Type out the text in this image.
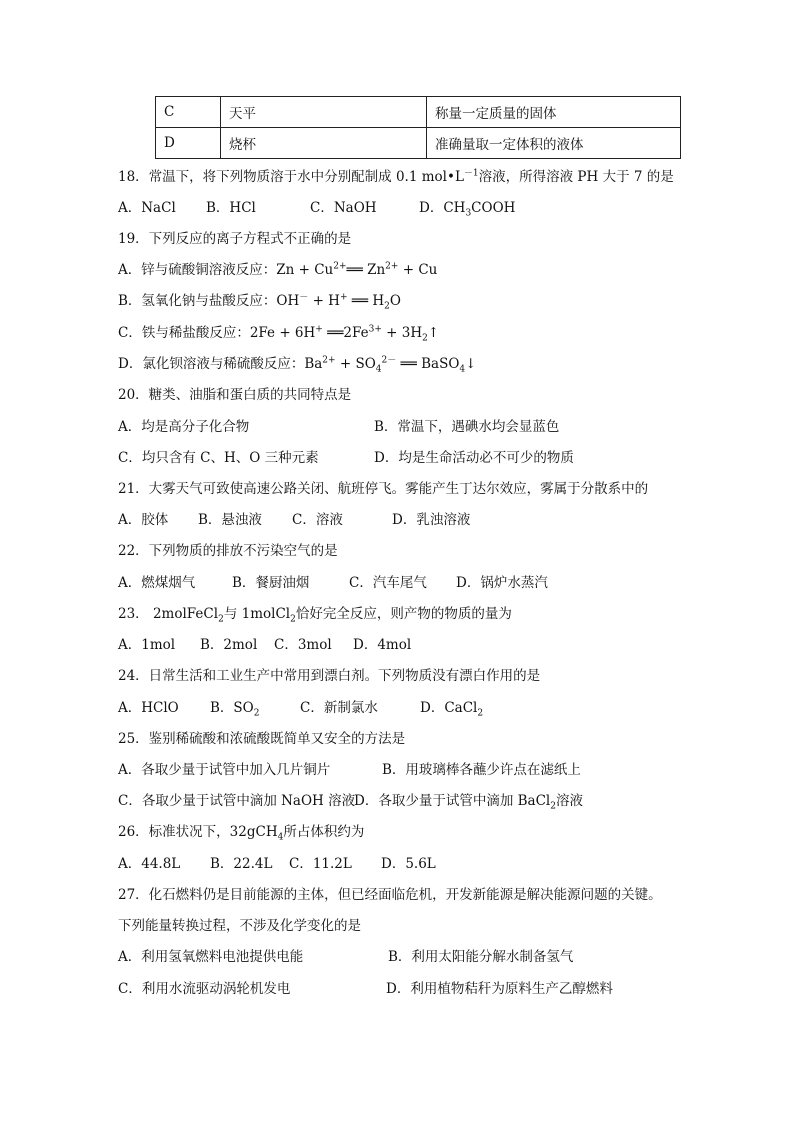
C	天平	称量一定质量的固体
D	烧杯	准确量取一定体积的液体
18．常温下，将下列物质溶于水中分别配制成 0.1 $mol•L^{-1}$溶液，所得溶液 PH 大于 7 的是
A．NaCl B．HCl	C．NaOH	D．$CH_3COOH$
19．下列反应的离子方程式不正确的是
A．锌与硫酸铜溶液反应：$Zn + Cu^{2+}══$ $Zn^{2+} + Cu$
B．氢氧化钠与盐酸反应：OH－ + H+ ══ $H_2O$
C．铁与稀盐酸反应：2Fe + 6H+ $══2Fe^{3+}$ + $3H_2↑$
D．氯化钡溶液与稀硫酸反应：$Ba^{2+} + SO_4^{2-}$ ══ BaSO$_4$↓
20．糖类、油脂和蛋白质的共同特点是
A．均是高分子化合物	B．常温下，遇碘水均会显蓝色
C．均只含有 C、H、O 三种元素	D．均是生命活动必不可少的物质
21．大雾天气可致使高速公路关闭、航班停飞。雾能产生丁达尔效应，雾属于分散系中的
A．胶体 B．悬浊液 C．溶液	D．乳浊溶液
22．下列物质的排放不污染空气的是
A．燃煤烟气	B．餐厨油烟	C．汽车尾气 D．锅炉水蒸汽
23． 2molFeCl$_2$与 1molCl$_2$恰好完全反应，则产物的物质的量为
A．1mol B．2mol C．3mol D．4mol
24．日常生活和工业生产中常用到漂白剂。下列物质没有漂白作用的是
A．HClO B．$SO_2$	C．新制氯水	D．CaCl$_2$
25．鉴别稀硫酸和浓硫酸既简单又安全的方法是
A．各取少量于试管中加入几片铜片	B．用玻璃棒各蘸少许点在滤纸上
C．各取少量于试管中滴加 NaOH 溶液D．各取少量于试管中滴加 BaCl$_2$溶液
26．标准状况下，32gCH$_4$所占体积约为
A．44.8L B．22.4L C．11.2L D．5.6L
27．化石燃料仍是目前能源的主体，但已经面临危机，开发新能源是解决能源问题的关键。
下列能量转换过程，不涉及化学变化的是
A．利用氢氧燃料电池提供电能	B．利用太阳能分解水制备氢气
C．利用水流驱动涡轮机发电	D．利用植物秸秆为原料生产乙醇燃料
